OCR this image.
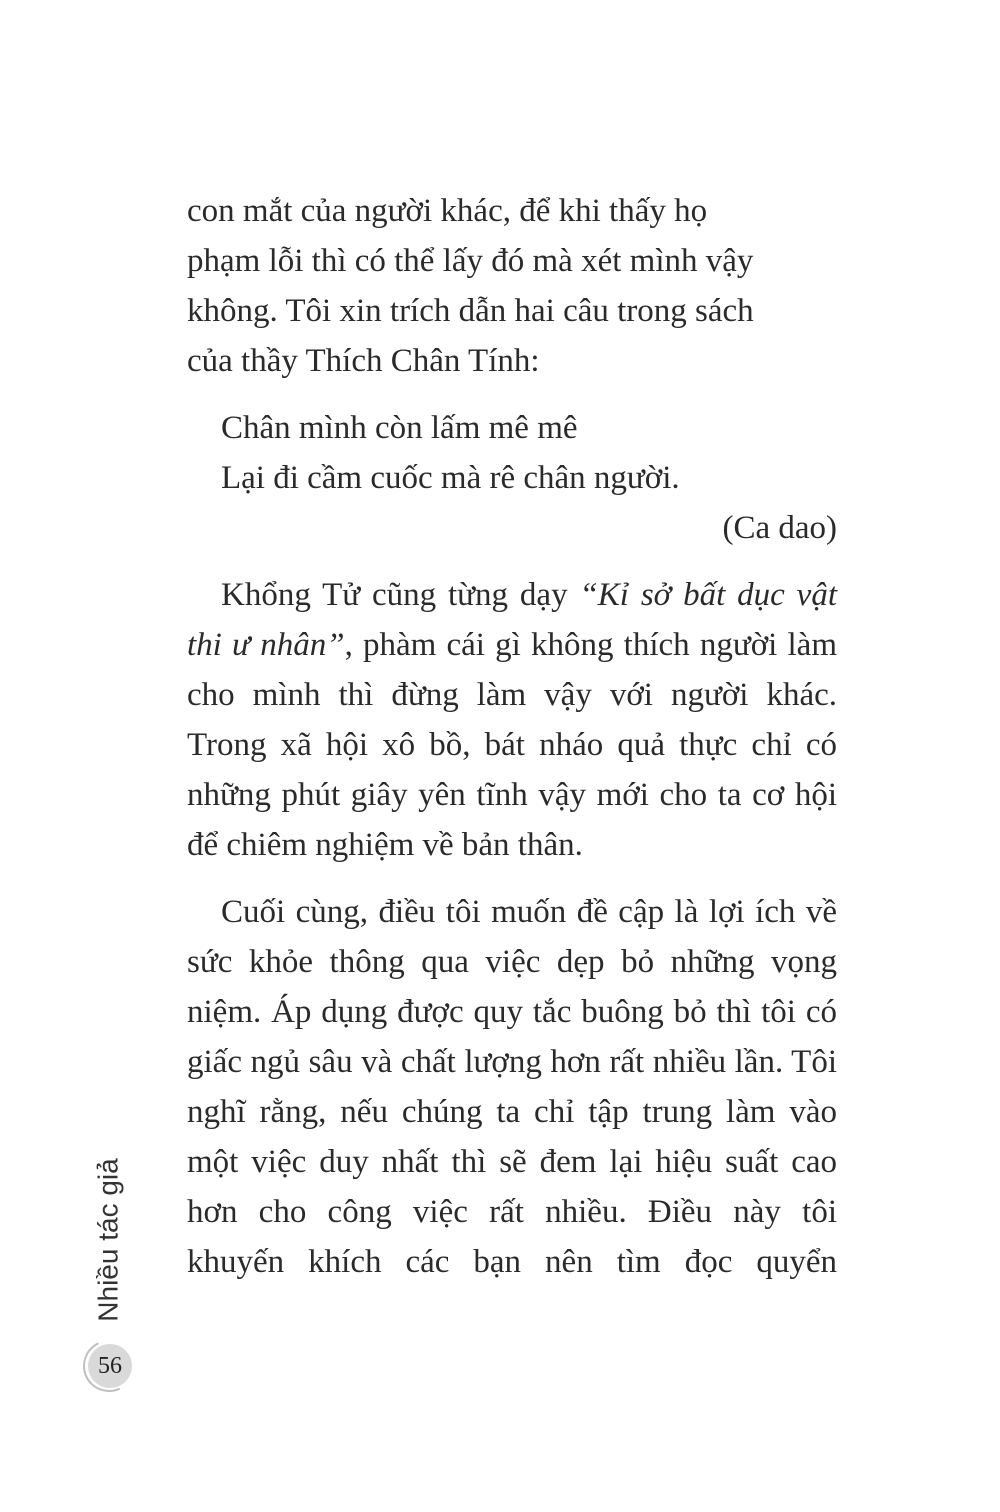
con mắt của người khác, để khi thấy họ
phạm lỗi thì có thể lấy đó mà xét mình vậy
không. Tôi xin trích dẫn hai câu trong sách
của thầy Thích Chân Tính:

Chân mình còn lấm mê mê
Lại đi cầm cuốc mà rê chân người.
(Ca dao)

Khổng Tử cũng từng dạy “Kỉ sở bất dục vật thi ư nhân”, phàm cái gì không thích người làm cho mình thì đừng làm vậy với người khác. Trong xã hội xô bồ, bát nháo quả thực chỉ có những phút giây yên tĩnh vậy mới cho ta cơ hội để chiêm nghiệm về bản thân.

Cuối cùng, điều tôi muốn đề cập là lợi ích về sức khỏe thông qua việc dẹp bỏ những vọng niệm. Áp dụng được quy tắc buông bỏ thì tôi có giấc ngủ sâu và chất lượng hơn rất nhiều lần. Tôi nghĩ rằng, nếu chúng ta chỉ tập trung làm vào một việc duy nhất thì sẽ đem lại hiệu suất cao hơn cho công việc rất nhiều. Điều này tôi khuyến khích các bạn nên tìm đọc quyển

Nhiều tác giả
56
